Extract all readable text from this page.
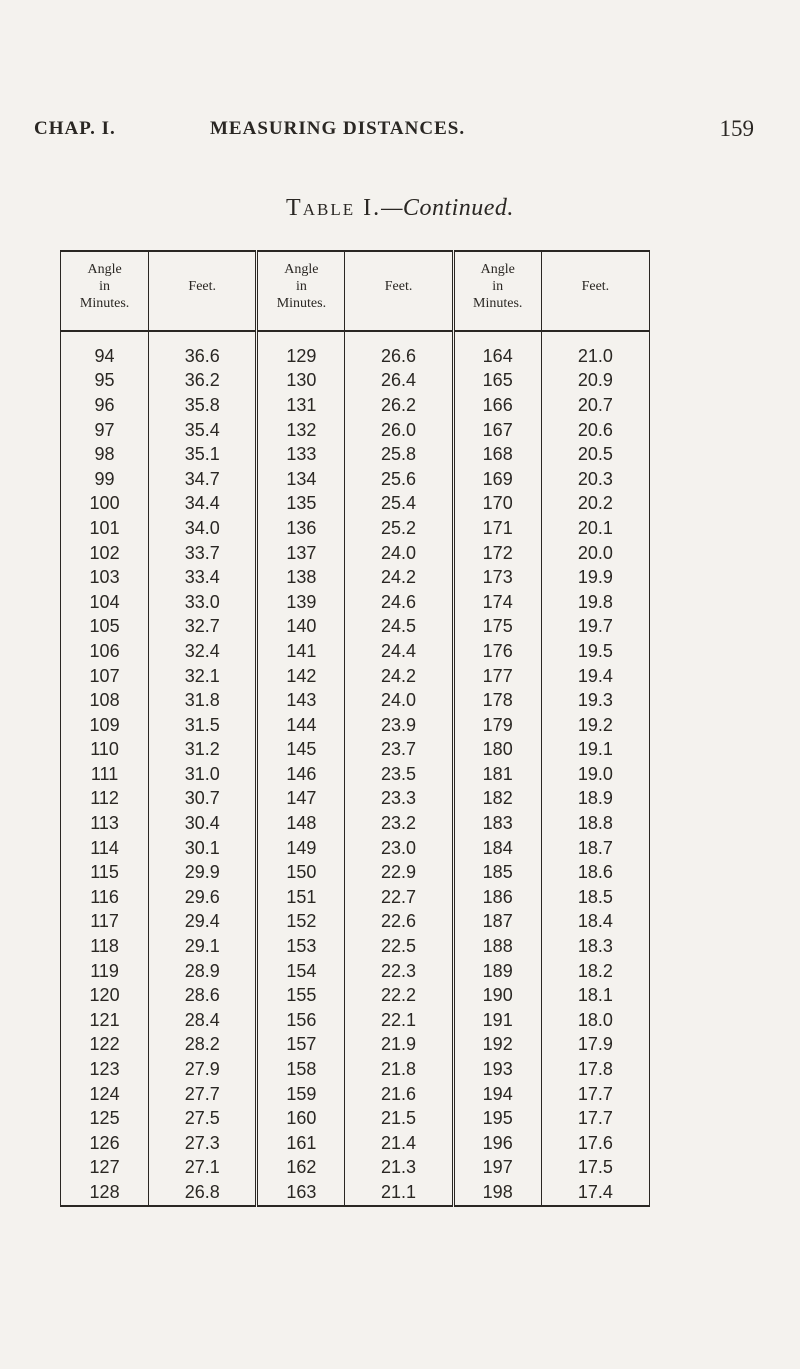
CHAP. I.	MEASURING DISTANCES.	159
Table I.—Continued.
Angle
in
Minutes.	Feet.	Angle
in
Minutes.	Feet.	Angle
in
Minutes.	Feet.
94	36.6	129	26.6	164	21.0
95	36.2	130	26.4	165	20.9
96	35.8	131	26.2	166	20.7
97	35.4	132	26.0	167	20.6
98	35.1	133	25.8	168	20.5
99	34.7	134	25.6	169	20.3
100	34.4	135	25.4	170	20.2
101	34.0	136	25.2	171	20.1
102	33.7	137	24.0	172	20.0
103	33.4	138	24.2	173	19.9
104	33.0	139	24.6	174	19.8
105	32.7	140	24.5	175	19.7
106	32.4	141	24.4	176	19.5
107	32.1	142	24.2	177	19.4
108	31.8	143	24.0	178	19.3
109	31.5	144	23.9	179	19.2
110	31.2	145	23.7	180	19.1
111	31.0	146	23.5	181	19.0
112	30.7	147	23.3	182	18.9
113	30.4	148	23.2	183	18.8
114	30.1	149	23.0	184	18.7
115	29.9	150	22.9	185	18.6
116	29.6	151	22.7	186	18.5
117	29.4	152	22.6	187	18.4
118	29.1	153	22.5	188	18.3
119	28.9	154	22.3	189	18.2
120	28.6	155	22.2	190	18.1
121	28.4	156	22.1	191	18.0
122	28.2	157	21.9	192	17.9
123	27.9	158	21.8	193	17.8
124	27.7	159	21.6	194	17.7
125	27.5	160	21.5	195	17.7
126	27.3	161	21.4	196	17.6
127	27.1	162	21.3	197	17.5
128	26.8	163	21.1	198	17.4
